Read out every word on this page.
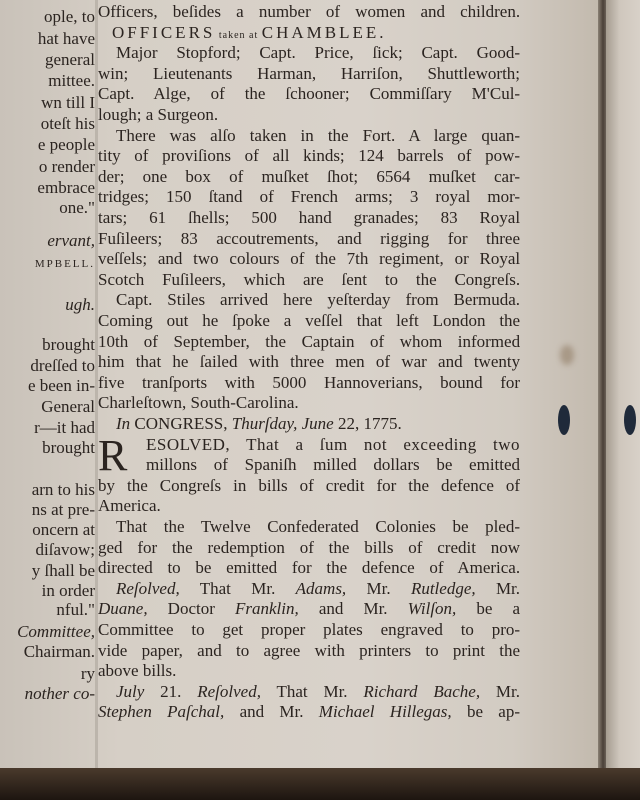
ople, to
hat have
general
mittee.
wn till I
oteſt his
e people
o render
embrace
one."
ervant,
MPBELL.
ugh.
brought
dreſſed to
e been in-
General
r—it had
brought
arn to his
ns at pre-
oncern at
diſavow;
y ſhall be
in order
nful."
Committee,
Chairman.
ry
nother co-
R
Officers, beſides a number of women and children.
OFFICERS taken at CHAMBLEE.
Major Stopford; Capt. Price, ſick; Capt. Good-
win; Lieutenants Harman, Harriſon, Shuttleworth;
Capt. Alge, of the ſchooner; Commiſſary M'Cul-
lough; a Surgeon.
There was alſo taken in the Fort. A large quan-
tity of proviſions of all kinds; 124 barrels of pow-
der; one box of muſket ſhot; 6564 muſket car-
tridges; 150 ſtand of French arms; 3 royal mor-
tars; 61 ſhells; 500 hand granades; 83 Royal
Fuſileers; 83 accoutrements, and rigging for three
veſſels; and two colours of the 7th regiment, or Royal
Scotch Fuſileers, which are ſent to the Congreſs.
Capt. Stiles arrived here yeſterday from Bermuda.
Coming out he ſpoke a veſſel that left London the
10th of September, the Captain of whom informed
him that he ſailed with three men of war and twenty
five tranſports with 5000 Hannoverians, bound for
Charleſtown, South-Carolina.
In CONGRESS, Thurſday, June 22, 1775.
ESOLVED, That a ſum not exceeding two
millons of Spaniſh milled dollars be emitted
by the Congreſs in bills of credit for the defence of
America.
That the Twelve Confederated Colonies be pled-
ged for the redemption of the bills of credit now
directed to be emitted for the defence of America.
Reſolved, That Mr. Adams, Mr. Rutledge, Mr.
Duane, Doctor Franklin, and Mr. Wilſon, be a
Committee to get proper plates engraved to pro-
vide paper, and to agree with printers to print the
above bills.
July 21. Reſolved, That Mr. Richard Bache, Mr.
Stephen Paſchal, and Mr. Michael Hillegas, be ap-
